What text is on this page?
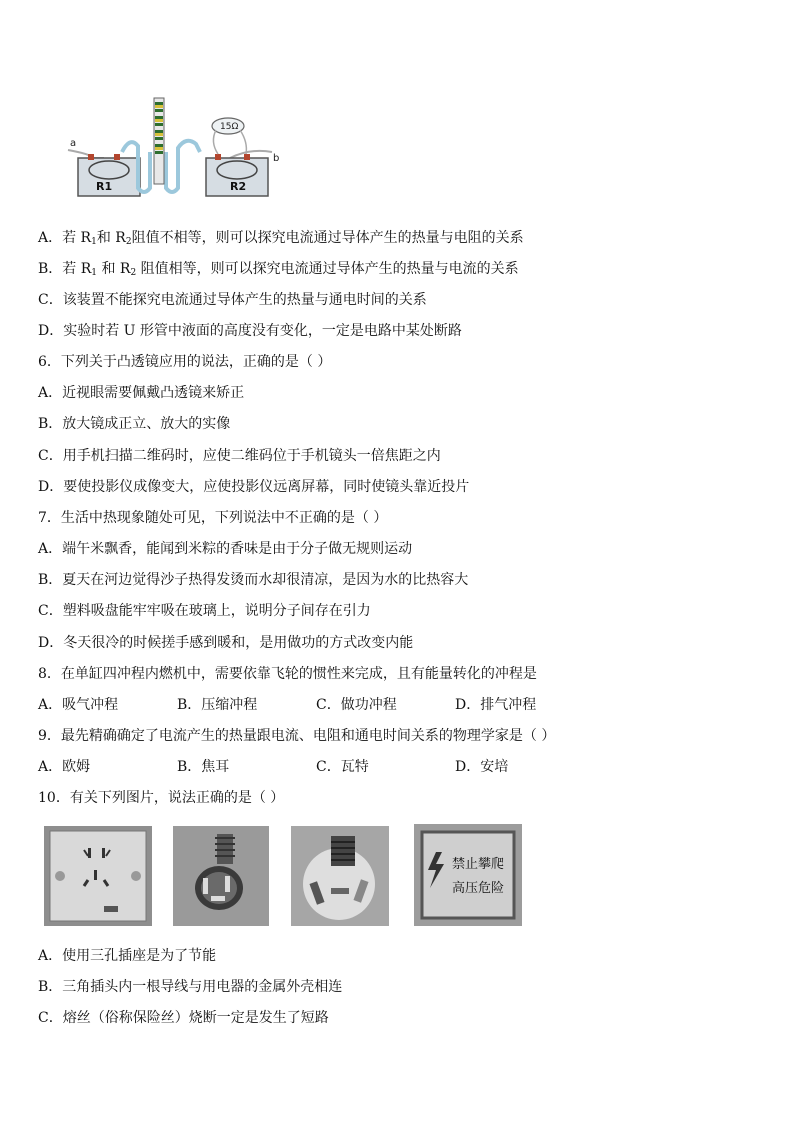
15Ω
a
b
R1	R2
A．若 $R_1$和 $R_2$阻值不相等，则可以探究电流通过导体产生的热量与电阻的关系
B．若 $R_1$ 和 $R_2$ 阻值相等，则可以探究电流通过导体产生的热量与电流的关系
C．该装置不能探究电流通过导体产生的热量与通电时间的关系
D．实验时若 U 形管中液面的高度没有变化，一定是电路中某处断路
6．下列关于凸透镜应用的说法，正确的是（ ）
A．近视眼需要佩戴凸透镜来矫正
B．放大镜成正立、放大的实像
C．用手机扫描二维码时，应使二维码位于手机镜头一倍焦距之内
D．要使投影仪成像变大，应使投影仪远离屏幕，同时使镜头靠近投片
7．生活中热现象随处可见，下列说法中不正确的是（ ）
A．端午米飘香，能闻到米粽的香味是由于分子做无规则运动
B．夏天在河边觉得沙子热得发烫而水却很清凉，是因为水的比热容大
C．塑料吸盘能牢牢吸在玻璃上，说明分子间存在引力
D．冬天很冷的时候搓手感到暖和，是用做功的方式改变内能
8．在单缸四冲程内燃机中，需要依靠飞轮的惯性来完成，且有能量转化的冲程是
A．吸气冲程	B．压缩冲程	C．做功冲程	D．排气冲程
9．最先精确确定了电流产生的热量跟电流、电阻和通电时间关系的物理学家是（ ）
A．欧姆	B．焦耳	C．瓦特	D．安培
10．有关下列图片，说法正确的是（ ）
禁止攀爬
高压危险
A．使用三孔插座是为了节能
B．三角插头内一根导线与用电器的金属外壳相连
C．熔丝（俗称保险丝）烧断一定是发生了短路
